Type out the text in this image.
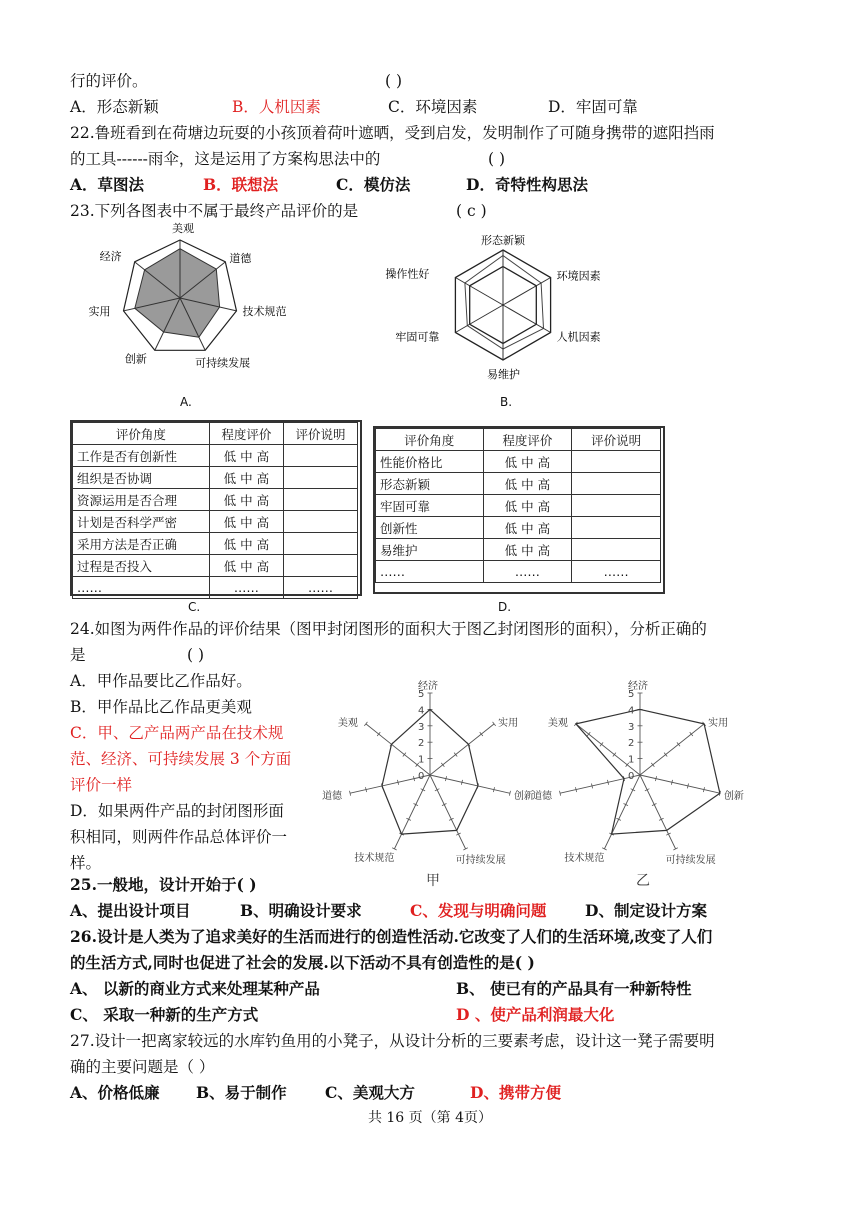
行的评价。	( )
A．形态新颖	B．人机因素	C．环境因素	D．牢固可靠
22.鲁班看到在荷塘边玩耍的小孩顶着荷叶遮晒，受到启发，发明制作了可随身携带的遮阳挡雨
的工具------雨伞，这是运用了方案构思法中的	( )
A．草图法	B．联想法	C．模仿法	D．奇特性构思法
23.下列各图表中不属于最终产品评价的是	( c )
美观
道德
技术规范
可持续发展
创新
实用
经济
A.
形态新颖
环境因素
人机因素
易维护
牢固可靠
操作性好
B.
评价角度	程度评价	评价说明
工作是否有创新性	低 中 高	
组织是否协调	低 中 高	
资源运用是否合理	低 中 高	
计划是否科学严密	低 中 高	
采用方法是否正确	低 中 高	
过程是否投入	低 中 高	
……	……	……
C.
评价角度	程度评价	评价说明
性能价格比	低 中 高	
形态新颖	低 中 高	
牢固可靠	低 中 高	
创新性	低 中 高	
易维护	低 中 高	
……	……	……
D.
24.如图为两件作品的评价结果（图甲封闭图形的面积大于图乙封闭图形的面积），分析正确的
是	( )
A．甲作品要比乙作品好。
B．甲作品比乙作品更美观
C．甲、乙产品两产品在技术规
范、经济、可持续发展 3 个方面
评价一样
D．如果两件产品的封闭图形面
积相同，则两件作品总体评价一
样。
5
4
3
2
1
0
经济
实用
创新
可持续发展
技术规范
道德
美观
甲
5
4
3
2
1
0
经济
实用
创新
可持续发展
技术规范
道德
美观
乙
25.一般地，设计开始于( )
A、提出设计项目	B、明确设计要求	C、发现与明确问题 D、制定设计方案
26.设计是人类为了追求美好的生活而进行的创造性活动.它改变了人们的生活环境,改变了人们
的生活方式,同时也促进了社会的发展.以下活动不具有创造性的是( )
A、 以新的商业方式来处理某种产品	B、 使已有的产品具有一种新特性
C、 采取一种新的生产方式	D 、使产品利润最大化
27.设计一把离家较远的水库钓鱼用的小凳子，从设计分析的三要素考虑，设计这一凳子需要明
确的主要问题是（ ）
A、价格低廉 B、易于制作 C、美观大方	D、携带方便
共 16 页（第 4页）
